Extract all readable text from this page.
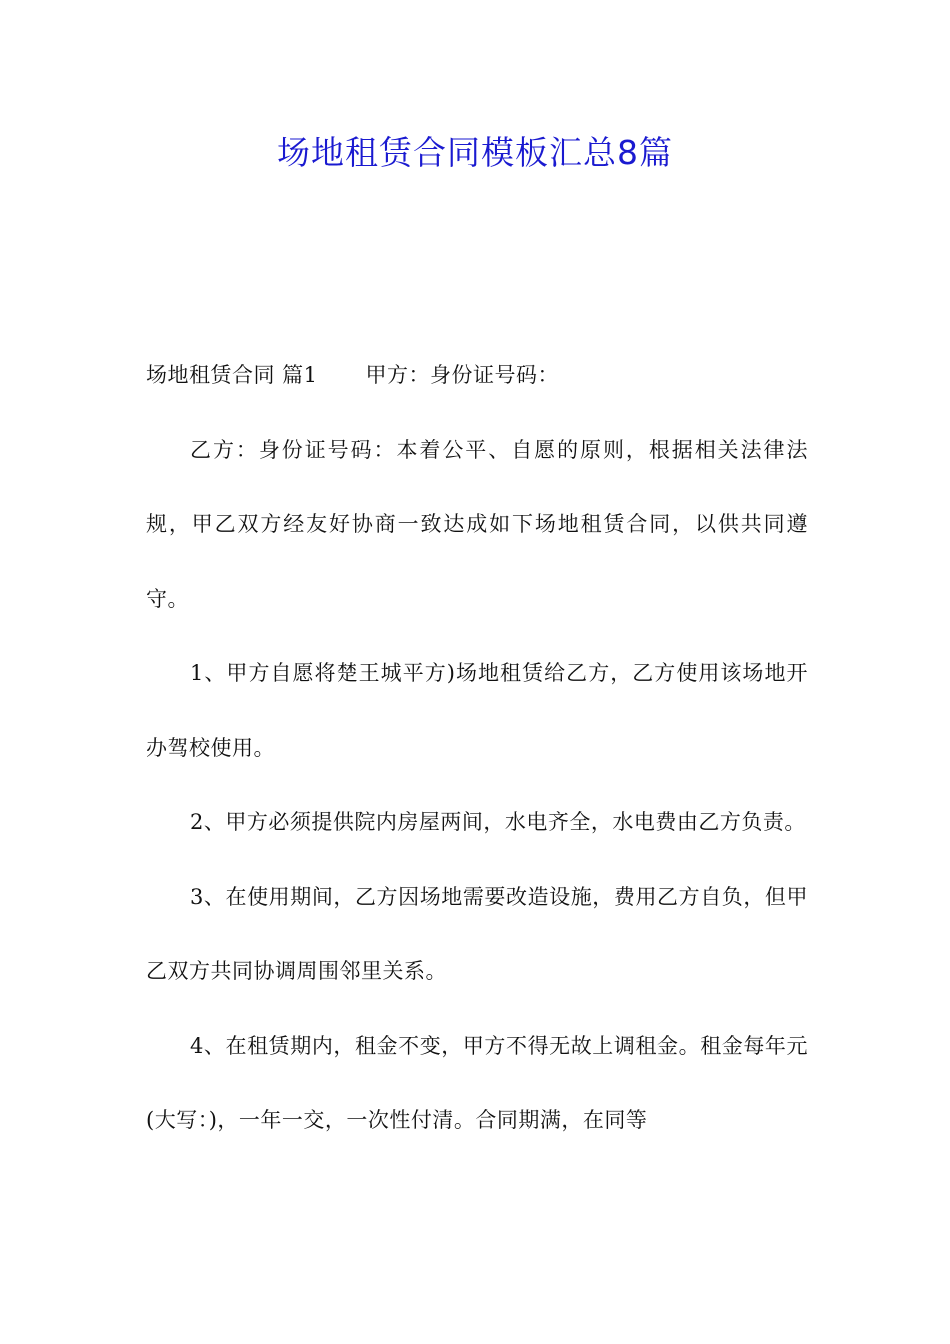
场地租赁合同模板汇总8篇

场地租赁合同 篇1 甲方：身份证号码：

乙方：身份证号码：本着公平、自愿的原则，根据相关法律法规，甲乙双方经友好协商一致达成如下场地租赁合同，以供共同遵守。

1、甲方自愿将楚王城平方)场地租赁给乙方，乙方使用该场地开办驾校使用。

2、甲方必须提供院内房屋两间，水电齐全，水电费由乙方负责。

3、在使用期间，乙方因场地需要改造设施，费用乙方自负，但甲乙双方共同协调周围邻里关系。

4、在租赁期内，租金不变，甲方不得无故上调租金。租金每年元(大写：)，一年一交，一次性付清。合同期满，在同等
